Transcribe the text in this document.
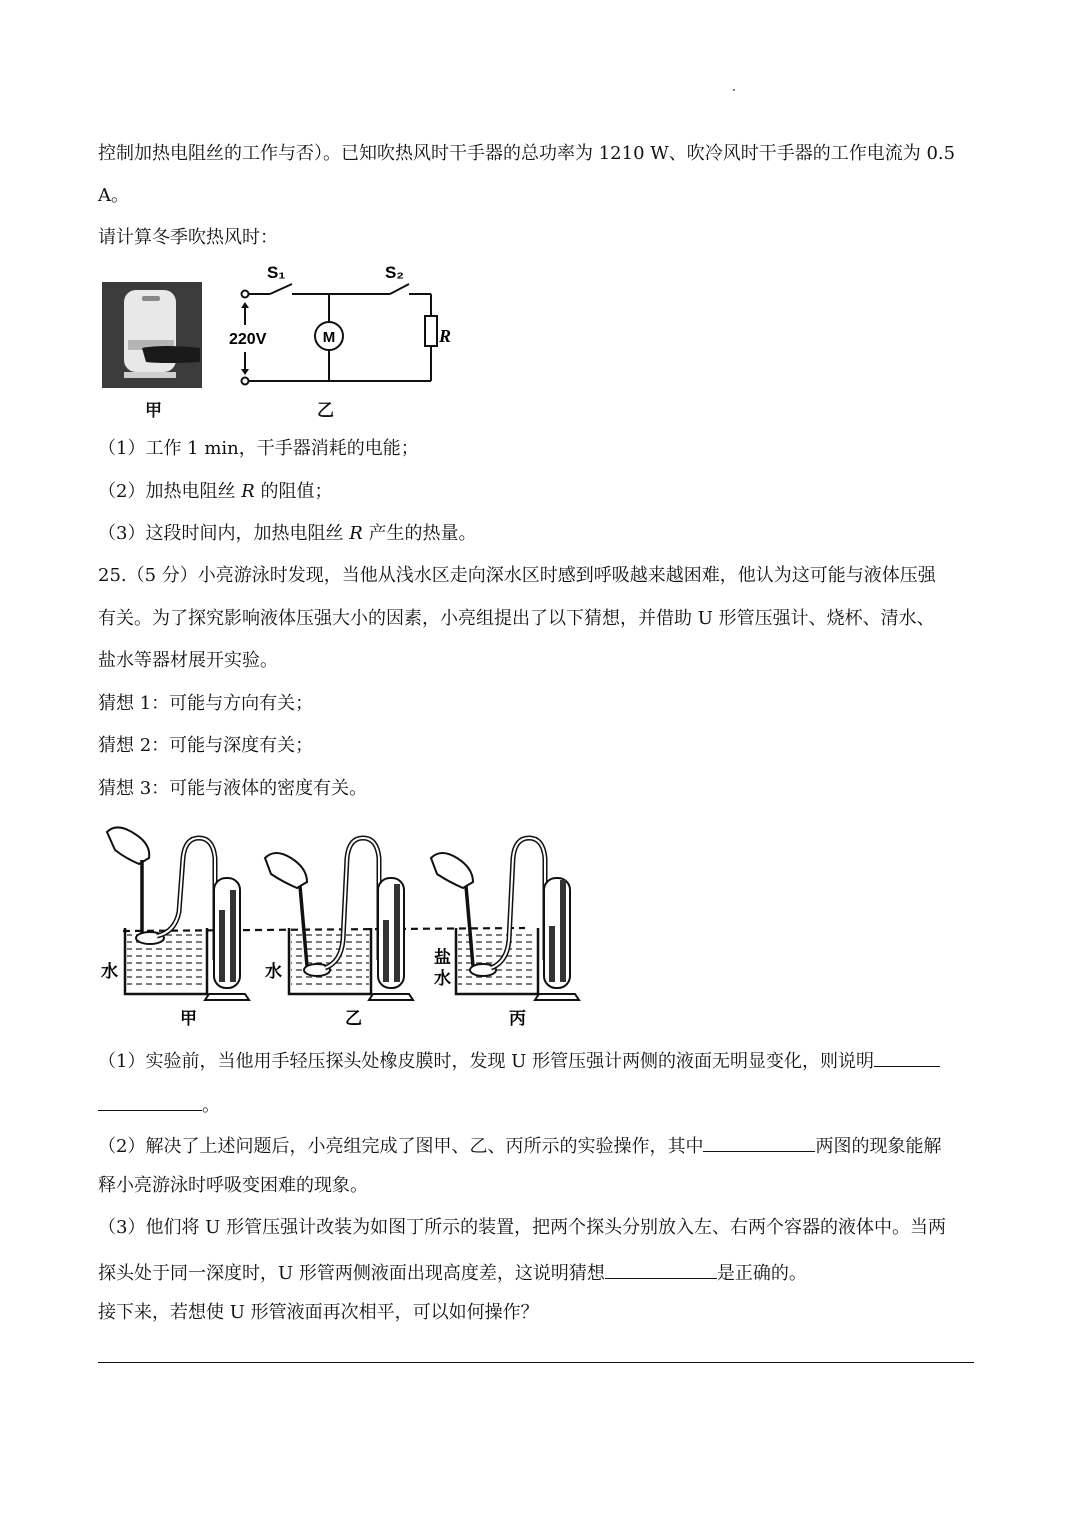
控制加热电阻丝的工作与否）。已知吹热风时干手器的总功率为 1210 W、吹冷风时干手器的工作电流为 0.5
A。
请计算冬季吹热风时：
甲
S₁	S₂
220V	M	R
乙
（1）工作 1 min，干手器消耗的电能；
（2）加热电阻丝 R 的阻值；
（3）这段时间内，加热电阻丝 R 产生的热量。
25.（5 分）小亮游泳时发现，当他从浅水区走向深水区时感到呼吸越来越困难，他认为这可能与液体压强
有关。为了探究影响液体压强大小的因素，小亮组提出了以下猜想，并借助 U 形管压强计、烧杯、清水、
盐水等器材展开实验。
猜想 1：可能与方向有关；
猜想 2：可能与深度有关；
猜想 3：可能与液体的密度有关。
水	水
盐
水
甲	乙	丙
（1）实验前，当他用手轻压探头处橡皮膜时，发现 U 形管压强计两侧的液面无明显变化，则说明
。
（2）解决了上述问题后，小亮组完成了图甲、乙、丙所示的实验操作，其中	两图的现象能解
释小亮游泳时呼吸变困难的现象。
（3）他们将 U 形管压强计改装为如图丁所示的装置，把两个探头分别放入左、右两个容器的液体中。当两
探头处于同一深度时，U 形管两侧液面出现高度差，这说明猜想	是正确的。
接下来，若想使 U 形管液面再次相平，可以如何操作？
